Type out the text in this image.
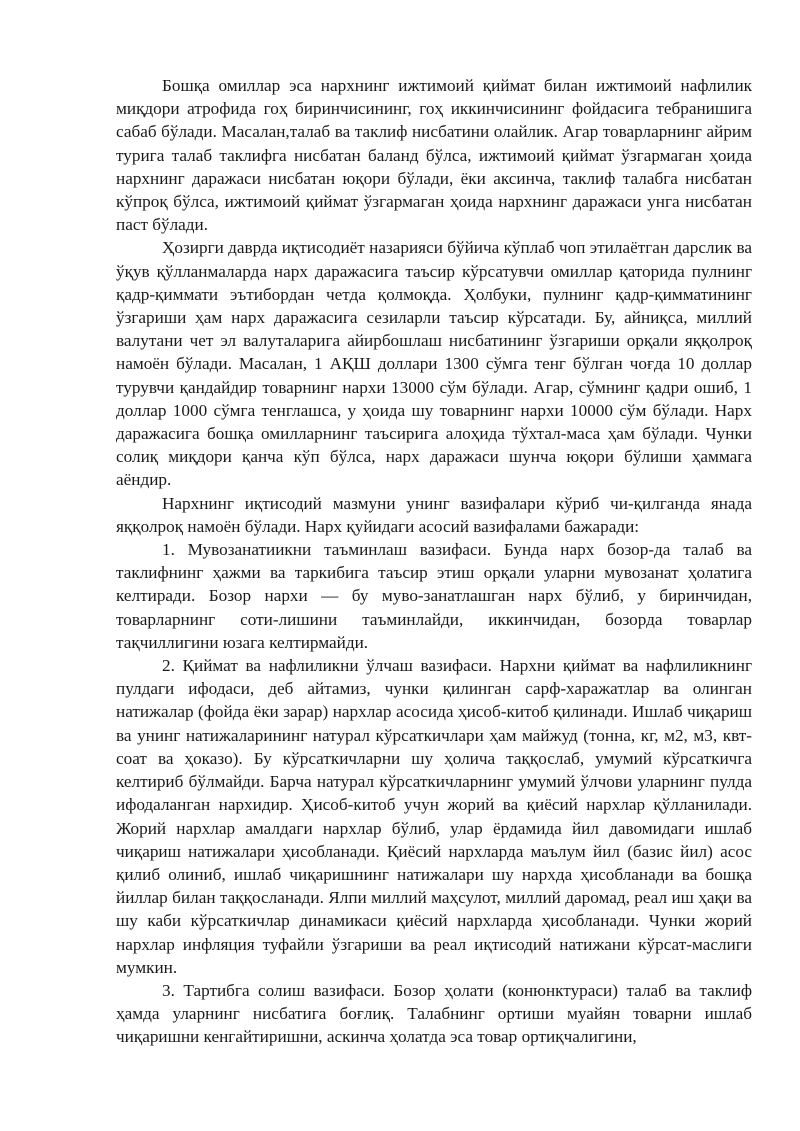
Бошқа омиллар эса нархнинг ижтимоий қиймат билан ижтимоий нафлилик миқдори атрофида гоҳ биринчисининг, гоҳ иккинчисининг фойдасига тебранишига сабаб бўлади. Масалан,талаб ва таклиф нисбатини олайлик. Агар товарларнинг айрим турига талаб таклифга нисбатан баланд бўлса, ижтимоий қиймат ўзгармаган ҳоида нархнинг даражаси нисбатан юқори бўлади, ёки аксинча, таклиф талабга нисбатан кўпроқ бўлса, ижтимоий қиймат ўзгармаган ҳоида нархнинг даражаси унга нисбатан паст бўлади.

Ҳозирги даврда иқтисодиёт назарияси бўйича кўплаб чоп этилаётган дарслик ва ўқув қўлланмаларда нарх даражасига таъсир кўрсатувчи омиллар қаторида пулнинг қадр-қиммати эътибордан четда қолмоқда. Ҳолбуки, пулнинг қадр-қимматининг ўзгариши ҳам нарх даражасига сезиларли таъсир кўрсатади. Бу, айниқса, миллий валутани чет эл валуталарига айирбошлаш нисбатининг ўзгариши орқали яққолроқ намоён бўлади. Масалан, 1 АҚШ доллари 1300 сўмга тенг бўлган чоғда 10 доллар турувчи қандайдир товарнинг нархи 13000 сўм бўлади. Агар, сўмнинг қадри ошиб, 1 доллар 1000 сўмга тенглашса, у ҳоида шу товарнинг нархи 10000 сўм бўлади. Нарх даражасига бошқа омилларнинг таъсирига алоҳида тўхтал-маса ҳам бўлади. Чунки солиқ миқдори қанча кўп бўлса, нарх даражаси шунча юқори бўлиши ҳаммага аёндир.

Нархнинг иқтисодий мазмуни унинг вазифалари кўриб чи-қилганда янада яққолроқ намоён бўлади. Нарх қуйидаги асосий вазифалами бажаради:

1. Мувозанатиикни таъминлаш вазифаси. Бунда нарх бозор-да талаб ва таклифнинг ҳажми ва таркибига таъсир этиш орқали уларни мувозанат ҳолатига келтиради. Бозор нархи — бу муво-занатлашган нарх бўлиб, у биринчидан, товарларнинг соти-лишини таъминлайди, иккинчидан, бозорда товарлар тақчиллигини юзага келтирмайди.

2. Қиймат ва нафлиликни ўлчаш вазифаси. Нархни қиймат ва нафлиликнинг пулдаги ифодаси, деб айтамиз, чунки қилинган сарф-харажатлар ва олинган натижалар (фойда ёки зарар) нархлар асосида ҳисоб-китоб қилинади. Ишлаб чиқариш ва унинг натижаларининг натурал кўрсаткичлари ҳам майжуд (тонна, кг, м2, м3, квт-соат ва ҳоказо). Бу кўрсаткичларни шу ҳолича таққослаб, умумий кўрсаткичга келтириб бўлмайди. Барча натурал кўрсаткичларнинг умумий ўлчови уларнинг пулда ифодаланган нархидир. Ҳисоб-китоб учун жорий ва қиёсий нархлар қўлланилади. Жорий нархлар амалдаги нархлар бўлиб, улар ёрдамида йил давомидаги ишлаб чиқариш натижалари ҳисобланади. Қиёсий нархларда маълум йил (базис йил) асос қилиб олиниб, ишлаб чиқаришнинг натижалари шу нархда ҳисобланади ва бошқа йиллар билан таққосланади. Ялпи миллий маҳсулот, миллий даромад, реал иш ҳақи ва шу каби кўрсаткичлар динамикаси қиёсий нархларда ҳисобланади. Чунки жорий нархлар инфляция туфайли ўзгариши ва реал иқтисодий натижани кўрсат-маслиги мумкин.

3. Тартибга солиш вазифаси. Бозор ҳолати (конюнктураси) талаб ва таклиф ҳамда уларнинг нисбатига боғлиқ. Талабнинг ортиши муайян товарни ишлаб чиқаришни кенгайтиришни, аскинча ҳолатда эса товар ортиқчалигини,
